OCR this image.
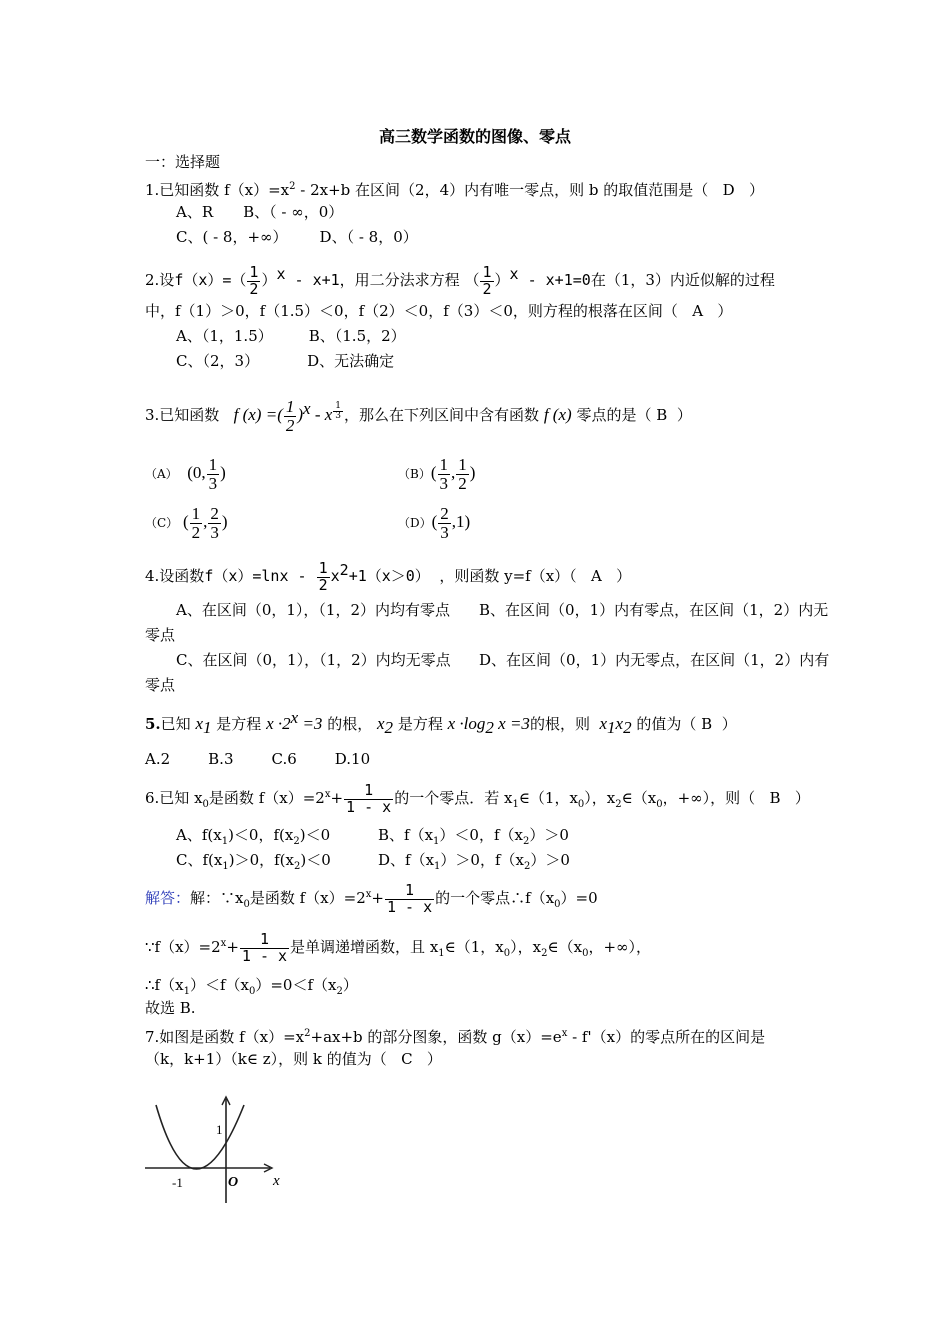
高三数学函数的图像、零点
一：选择题
1.已知函数 $f(x)=x^2 - 2x+b$ 在区间（2，4）内有唯一零点，则 b 的取值范围是（ D ）
A、R B、（ - ∞，0）
C、( - 8，+∞） D、（ - 8，0）
2.设$f(x)=( \frac{1}{2} )^x - x+1$，用二分法求方程 （ $\frac{1}{2} )^x - x+1=0$在（1，3）内近似解的过程
中，f（1）＞0，f（1.5）＜0，f（2）＜0，f（3）＜0，则方程的根落在区间（ A ）
A、（1，1.5） B、（1.5，2）
C、（2，3）	D、无法确定
3.已知函数 f (x) =( $\frac{1}{2} )^x$ - x $^{\frac{1}{3}}$ ，那么在下列区间中含有函数 f (x) 零点的是（ B ）
（A） (0, $\frac{1}{3}$ )	$(B)( \frac{1}{3}$ , $\frac{1}{2}$ )
（C） ( $\frac{1}{2}$ , $\frac{2}{3}$ )	$(D)( \frac{2}{3} ,1)$
4.设函数$f(x)=\ln x - \frac{1}{2} x^2+1(x>0)$ ，则函数 y=f（x）（ A ）
A、在区间（0，1），（1，2）内均有零点 B、在区间（0，1）内有零点，在区间（1，2）内无
零点
C、在区间（0，1），（1，2）内均无零点 D、在区间（0，1）内无零点，在区间（1，2）内有
零点
5.已知 $x_1$ 是方程 $x \cdot 2^x =3$ 的根， $x_2$ 是方程 $x \cdot\log_2$ x =3的根，则 $x_1x_2$ 的值为（ B ）
A.2	B.3	C.6	D.10
6.已知 $x_0$是函数 $f(x)=2^x+ \frac{1}{1 - x}$ 的一个零点．若 $x_1\in(1$，$x_0$），$x_2\in(x_0$，+∞），则（ B ）
A、$f(x_1)<0$，$f(x_2)<0$	B、$f(x_1)<0$，$f(x_2)>0$
C、$f(x_1)>0$，$f(x_2)<0$	D、$f(x_1)>0$，$f(x_2)>0$
解答：解：$\because x_0$是函数 $f(x)=2^x+ \frac{1}{1 - x}$ 的一个零点$\therefore f(x_0)=0$
$\because f(x)=2^x+ \frac{1}{1 - x}$ 是单调递增函数，且 $x_1\in(1$，$x_0$），$x_2\in(x_0$，+∞），
$\therefore f(x_1)<f(x_0)=0<f(x_2)$
故选 B.
7.如图是函数 $f(x)=x^2+ax+b$ 的部分图象，函数 $g(x)=e^x - f'(x)$的零点所在的区间是
（k，k+1）（k∈ z），则 k 的值为（ C ）
1
-1	O x
